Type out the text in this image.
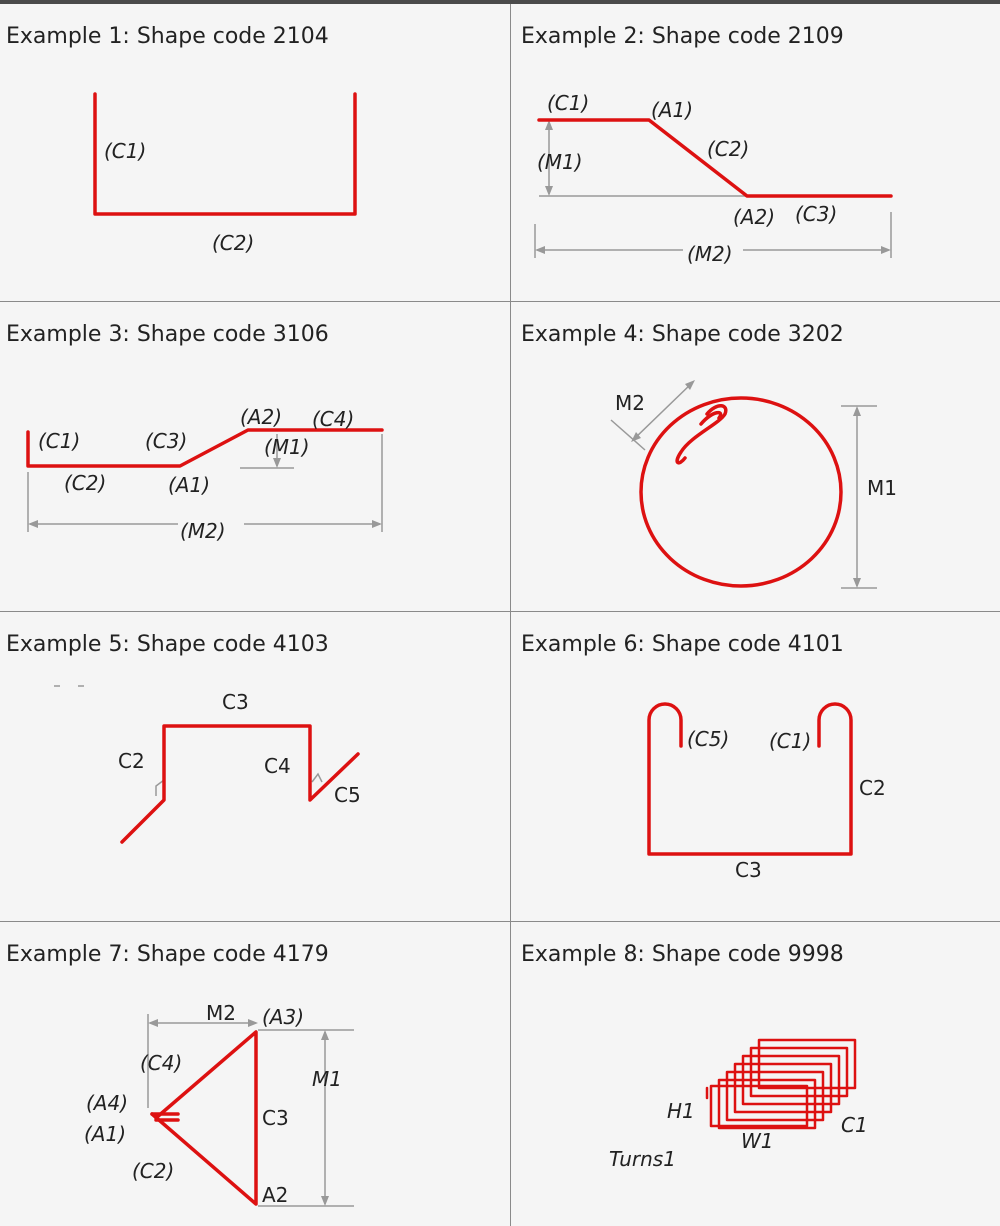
Example 1: Shape code 2104
(C1)
(C2)
Example 2: Shape code 2109
(C1)	(A1)
(C2)
(M1)
(A2) (C3)
(M2)
Example 3: Shape code 3106
(C1)	(C3)
(A2) (C4)
(M1)
(C2)	(A1)
(M2)
Example 4: Shape code 3202
M2
M1
Example 5: Shape code 4103
C3
C2	C4
C5
Example 6: Shape code 4101
(C5) (C1)
C2
C3
Example 7: Shape code 4179
M2 (A3)
(C4)
M1
(A4)
(A1)
C3
(C2)
A2
Example 8: Shape code 9998
H1
C1
W1
Turns1
